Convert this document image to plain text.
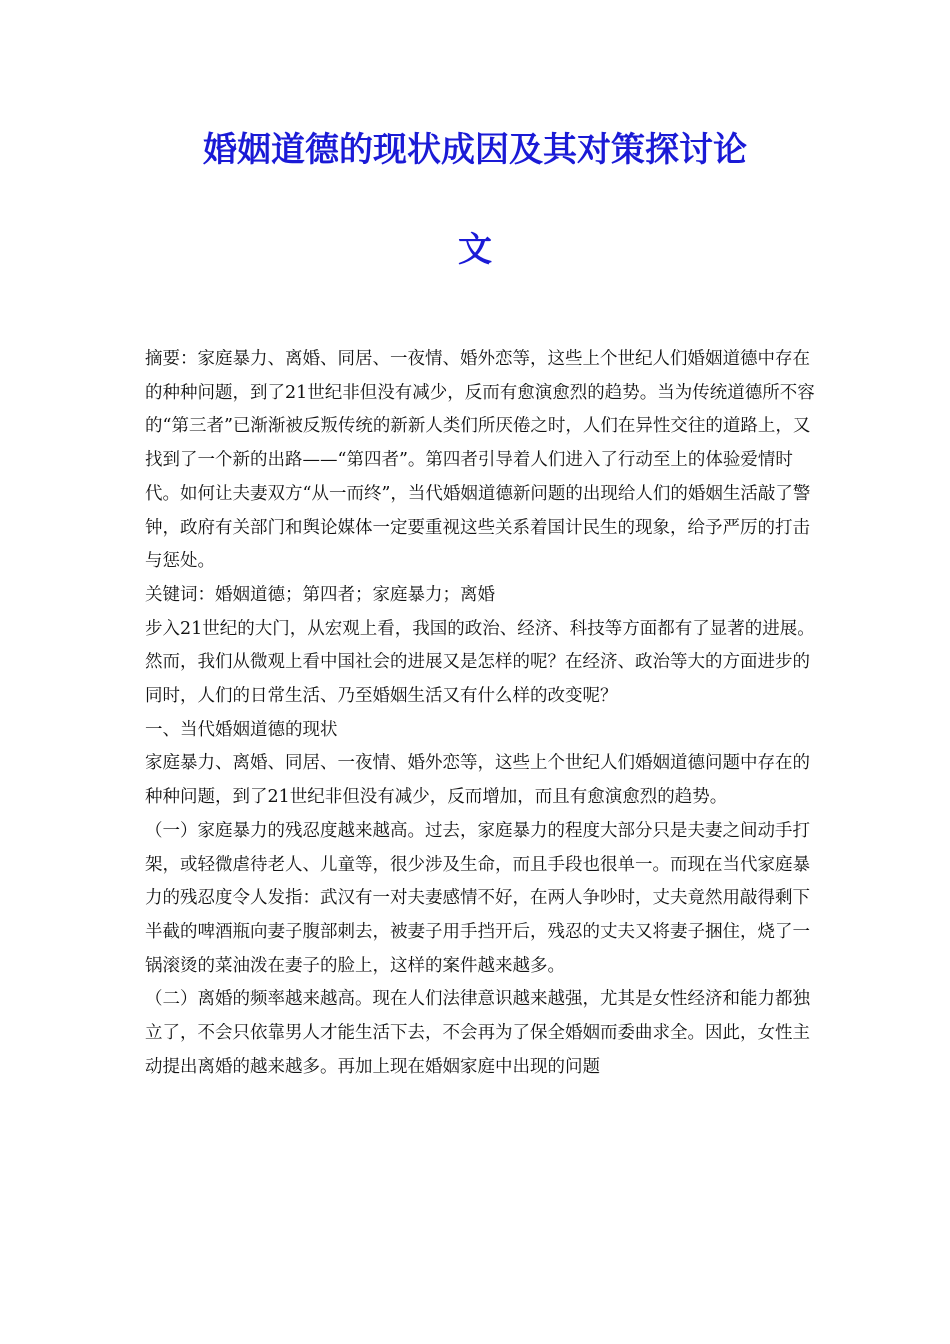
婚姻道德的现状成因及其对策探讨论
文

摘要：家庭暴力、离婚、同居、一夜情、婚外恋等，这些上个世纪人们婚姻道德中存在的种种问题，到了21世纪非但没有减少，反而有愈演愈烈的趋势。当为传统道德所不容的“第三者”已渐渐被反叛传统的新新人类们所厌倦之时，人们在异性交往的道路上，又找到了一个新的出路——“第四者”。第四者引导着人们进入了行动至上的体验爱情时代。如何让夫妻双方“从一而终”，当代婚姻道德新问题的出现给人们的婚姻生活敲了警钟，政府有关部门和舆论媒体一定要重视这些关系着国计民生的现象，给予严厉的打击与惩处。

关键词：婚姻道德；第四者；家庭暴力；离婚

步入21世纪的大门，从宏观上看，我国的政治、经济、科技等方面都有了显著的进展。然而，我们从微观上看中国社会的进展又是怎样的呢？在经济、政治等大的方面进步的同时，人们的日常生活、乃至婚姻生活又有什么样的改变呢？

一、当代婚姻道德的现状

家庭暴力、离婚、同居、一夜情、婚外恋等，这些上个世纪人们婚姻道德问题中存在的种种问题，到了21世纪非但没有减少，反而增加，而且有愈演愈烈的趋势。

（一）家庭暴力的残忍度越来越高。过去，家庭暴力的程度大部分只是夫妻之间动手打架，或轻微虐待老人、儿童等，很少涉及生命，而且手段也很单一。而现在当代家庭暴力的残忍度令人发指：武汉有一对夫妻感情不好，在两人争吵时，丈夫竟然用敲得剩下半截的啤酒瓶向妻子腹部刺去，被妻子用手挡开后，残忍的丈夫又将妻子捆住，烧了一锅滚烫的菜油泼在妻子的脸上，这样的案件越来越多。

（二）离婚的频率越来越高。现在人们法律意识越来越强，尤其是女性经济和能力都独立了，不会只依靠男人才能生活下去，不会再为了保全婚姻而委曲求全。因此，女性主动提出离婚的越来越多。再加上现在婚姻家庭中出现的问题
